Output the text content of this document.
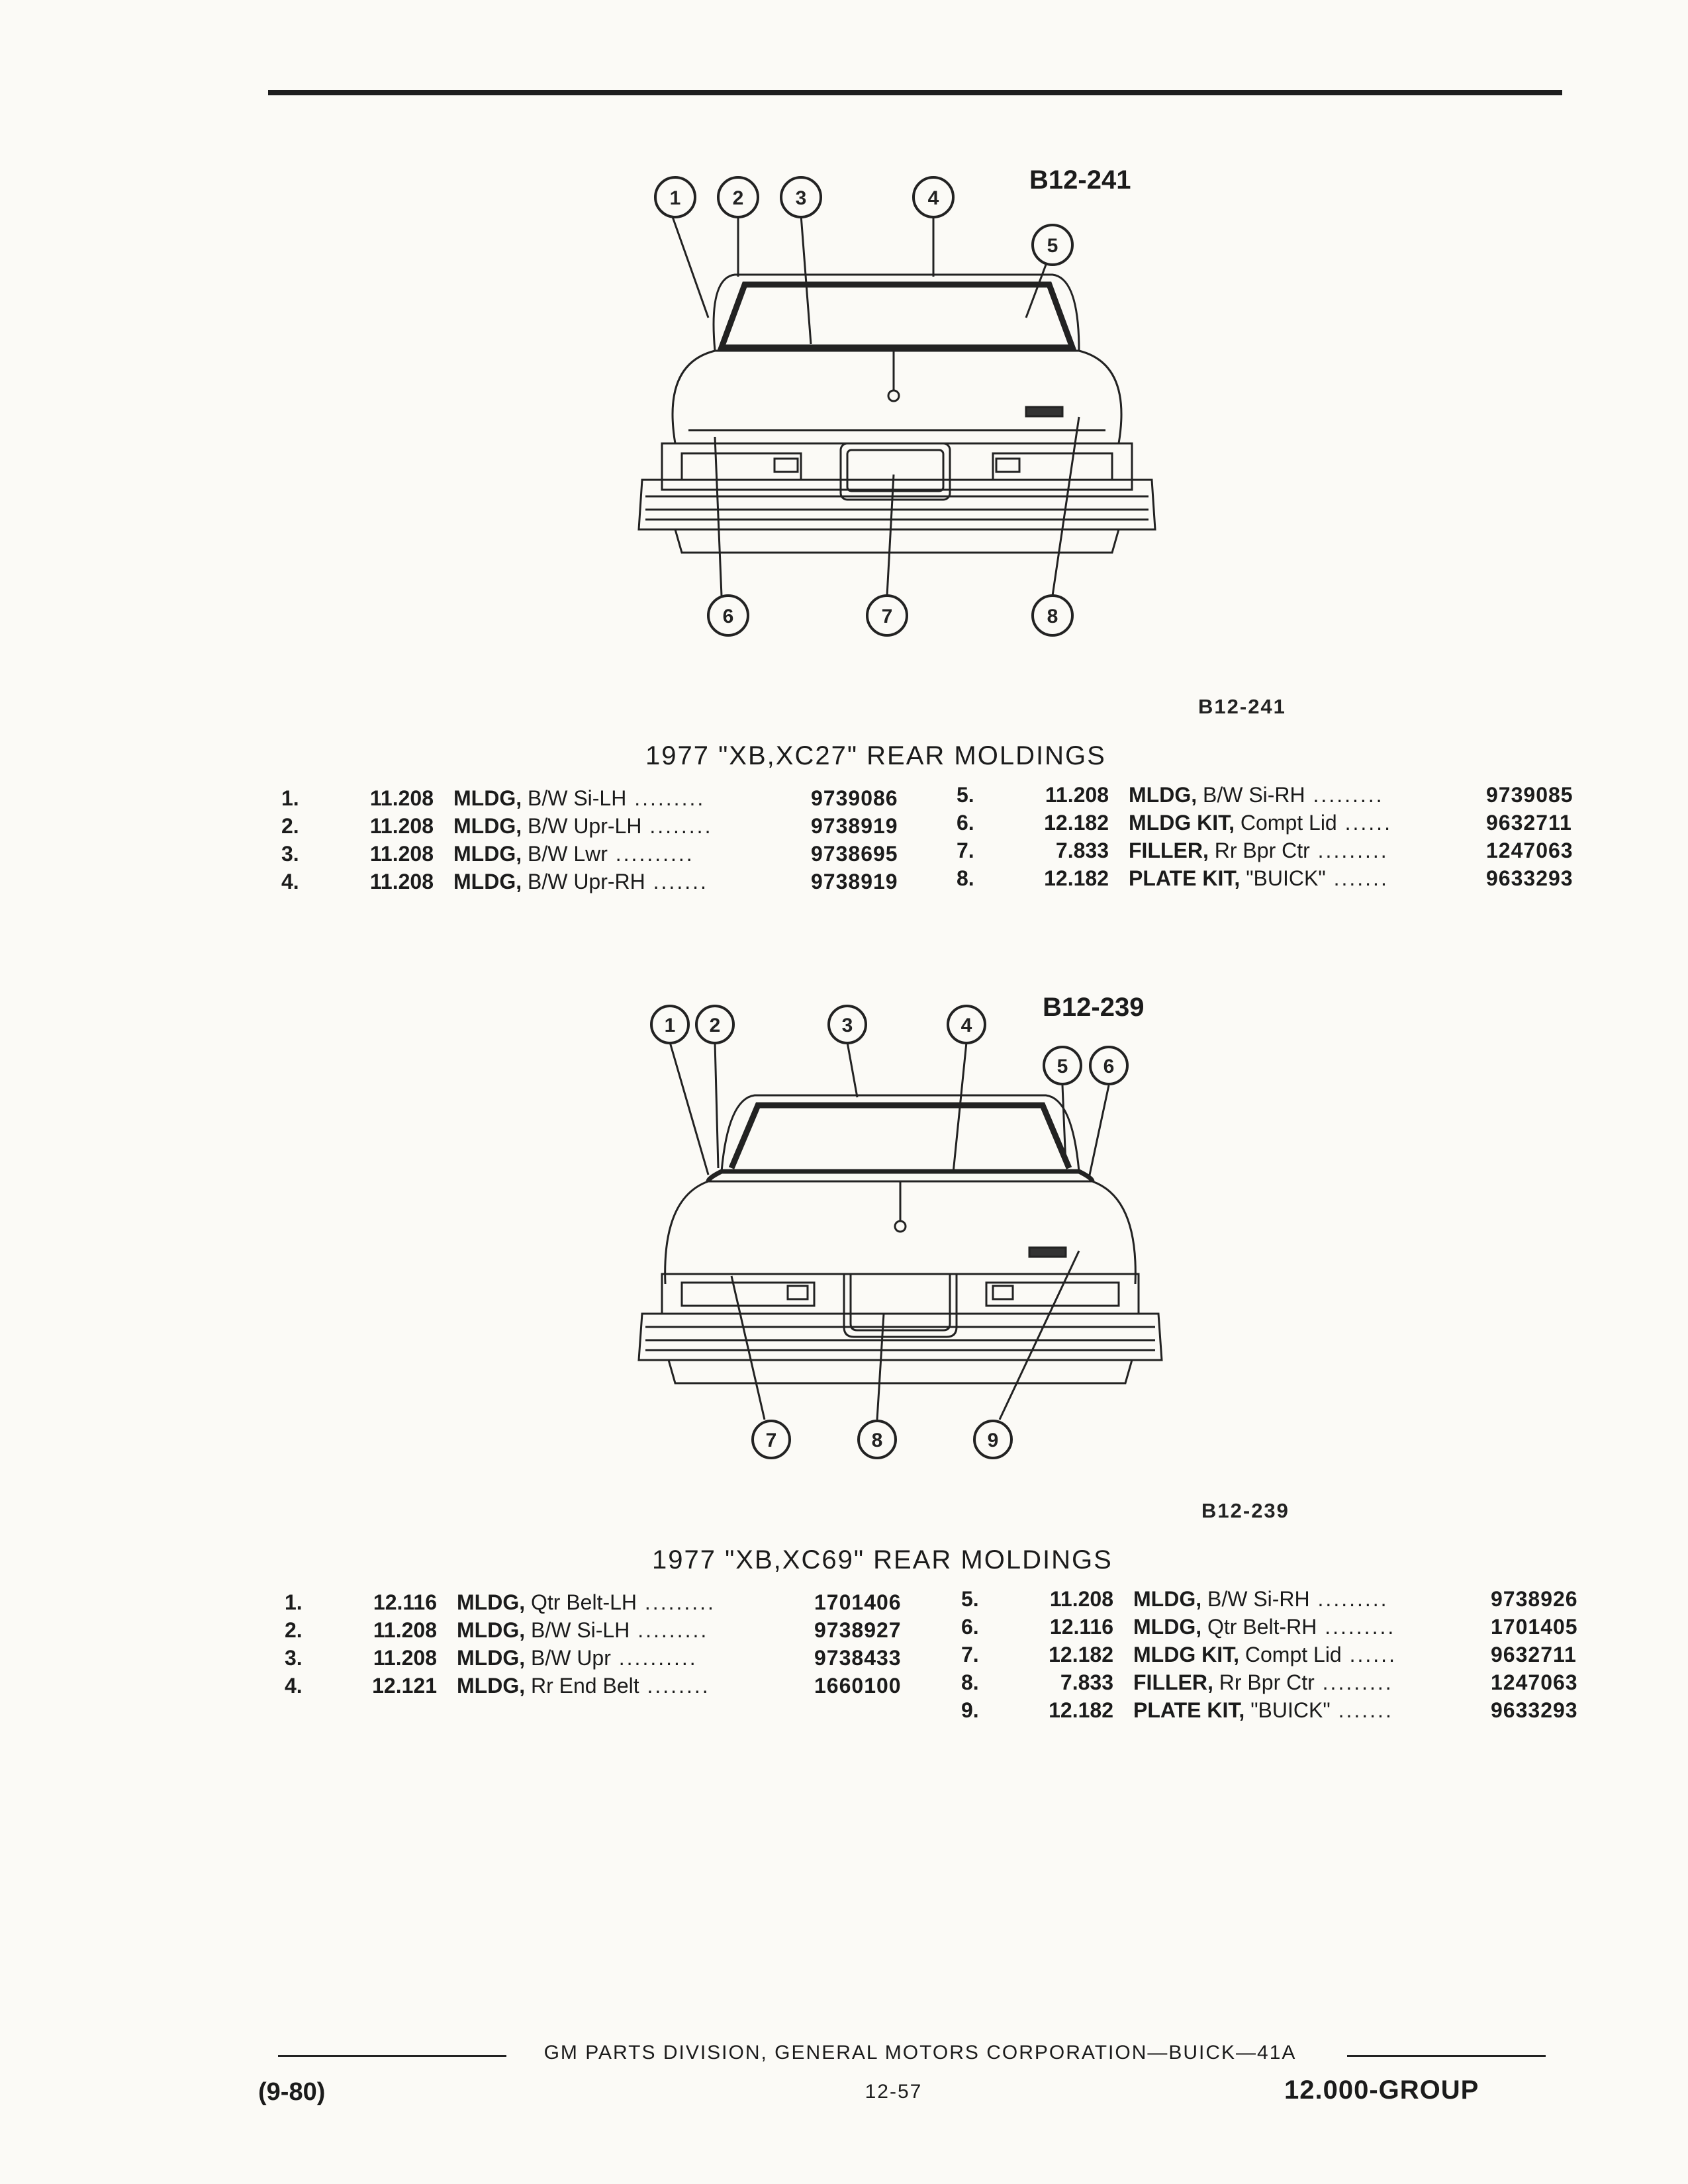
1	2	3	4
5
6	7	8
B12-241
B12-241
1977 "XB,XC27" REAR MOLDINGS
1.	11.208 MLDG, B/W Si-LH .........	9739086
2.	11.208 MLDG, B/W Upr-LH ........	9738919
3.	11.208 MLDG, B/W Lwr ..........	9738695
4.	11.208 MLDG, B/W Upr-RH .......	9738919
5.	11.208 MLDG, B/W Si-RH .........	9739085
6.	12.182 MLDG KIT, Compt Lid ......	9632711
7.	7.833 FILLER, Rr Bpr Ctr .........	1247063
8.	12.182 PLATE KIT, "BUICK" .......	9633293
1 2	3	4
5 6
7	8	9
B12-239
B12-239
1977 "XB,XC69" REAR MOLDINGS
1.	12.116 MLDG, Qtr Belt-LH .........	1701406
2.	11.208 MLDG, B/W Si-LH .........	9738927
3.	11.208 MLDG, B/W Upr ..........	9738433
4.	12.121 MLDG, Rr End Belt ........	1660100
5.	11.208 MLDG, B/W Si-RH .........	9738926
6.	12.116 MLDG, Qtr Belt-RH .........	1701405
7.	12.182 MLDG KIT, Compt Lid ......	9632711
8.	7.833 FILLER, Rr Bpr Ctr .........	1247063
9.	12.182 PLATE KIT, "BUICK" .......	9633293
GM PARTS DIVISION, GENERAL MOTORS CORPORATION—BUICK—41A
(9-80)	12-57	12.000-GROUP
